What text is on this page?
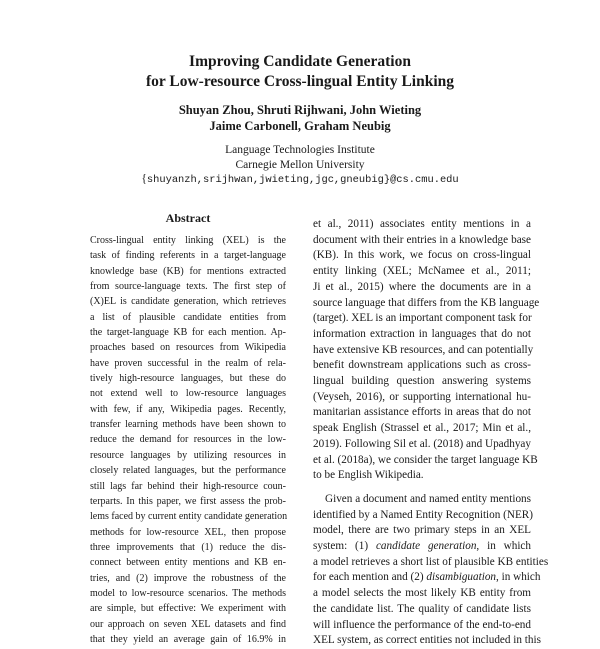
Improving Candidate Generation
for Low-resource Cross-lingual Entity Linking
Shuyan Zhou, Shruti Rijhwani, John Wieting
Jaime Carbonell, Graham Neubig
Language Technologies Institute
Carnegie Mellon University
{shuyanzh,srijhwan,jwieting,jgc,gneubig}@cs.cmu.edu
Abstract
Cross-lingual entity linking (XEL) is the
task of finding referents in a target-language
knowledge base (KB) for mentions extracted
from source-language texts. The first step of
(X)EL is candidate generation, which retrieves
a list of plausible candidate entities from
the target-language KB for each mention. Ap-
proaches based on resources from Wikipedia
have proven successful in the realm of rela-
tively high-resource languages, but these do
not extend well to low-resource languages
with few, if any, Wikipedia pages. Recently,
transfer learning methods have been shown to
reduce the demand for resources in the low-
resource languages by utilizing resources in
closely related languages, but the performance
still lags far behind their high-resource coun-
terparts. In this paper, we first assess the prob-
lems faced by current entity candidate generation
methods for low-resource XEL, then propose
three improvements that (1) reduce the dis-
connect between entity mentions and KB en-
tries, and (2) improve the robustness of the
model to low-resource scenarios. The methods
are simple, but effective: We experiment with
our approach on seven XEL datasets and find
that they yield an average gain of 16.9% in
et al., 2011) associates entity mentions in a
document with their entries in a knowledge base
(KB). In this work, we focus on cross-lingual
entity linking (XEL; McNamee et al., 2011;
Ji et al., 2015) where the documents are in a
source language that differs from the KB language
(target). XEL is an important component task for
information extraction in languages that do not
have extensive KB resources, and can potentially
benefit downstream applications such as cross-
lingual building question answering systems
(Veyseh, 2016), or supporting international hu-
manitarian assistance efforts in areas that do not
speak English (Strassel et al., 2017; Min et al.,
2019). Following Sil et al. (2018) and Upadhyay
et al. (2018a), we consider the target language KB
to be English Wikipedia.
Given a document and named entity mentions
identified by a Named Entity Recognition (NER)
model, there are two primary steps in an XEL
system: (1) candidate generation, in which
a model retrieves a short list of plausible KB entities
for each mention and (2) disambiguation, in which
a model selects the most likely KB entity from
the candidate list. The quality of candidate lists
will influence the performance of the end-to-end
XEL system, as correct entities not included in this
